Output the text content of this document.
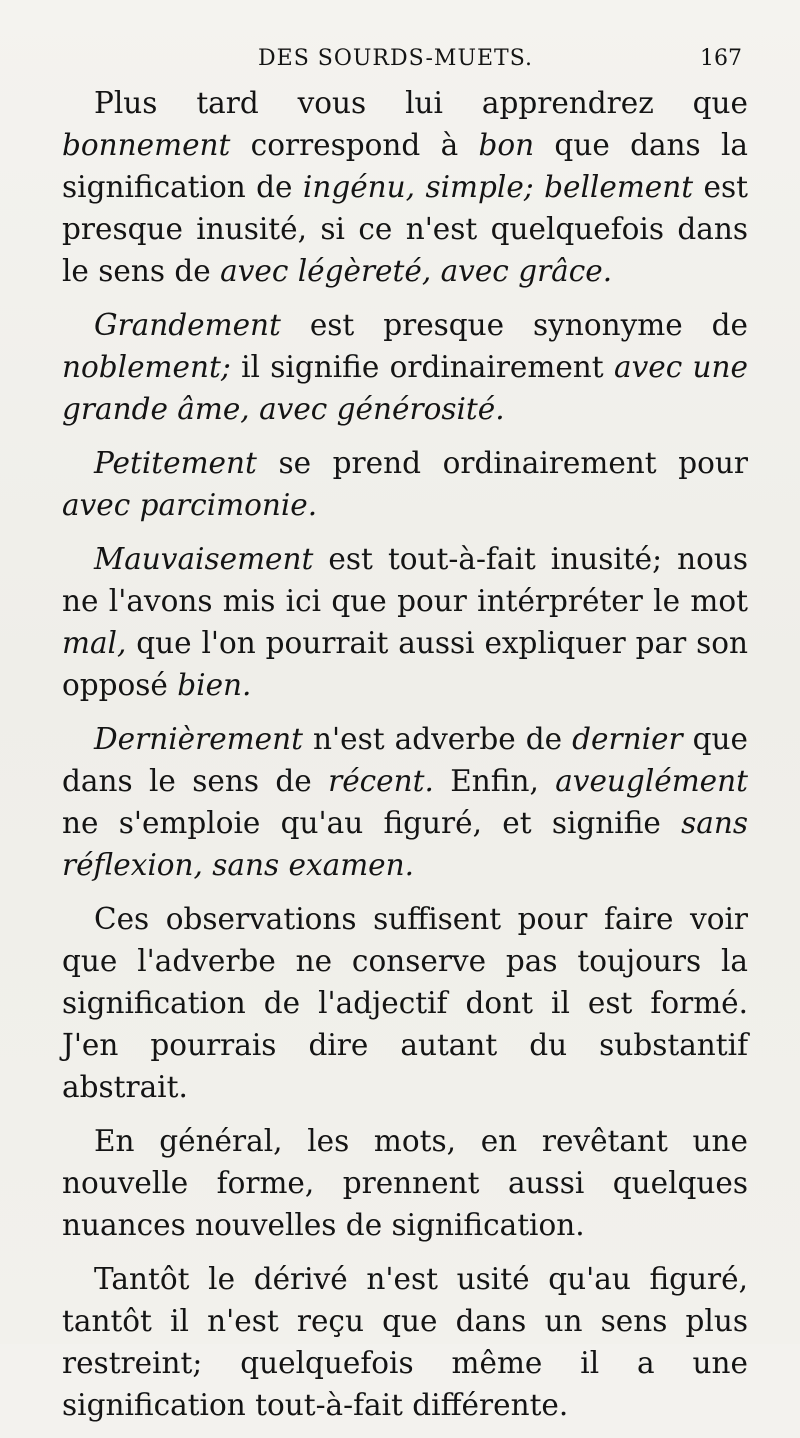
DES SOURDS-MUETS.	167

Plus tard vous lui apprendrez que bonnement correspond à bon que dans la signification de ingénu, simple; bellement est presque inusité, si ce n'est quelquefois dans le sens de avec légèreté, avec grâce.

Grandement est presque synonyme de noblement; il signifie ordinairement avec une grande âme, avec générosité.

Petitement se prend ordinairement pour avec parcimonie.

Mauvaisement est tout-à-fait inusité; nous ne l'avons mis ici que pour intérpréter le mot mal, que l'on pourrait aussi expliquer par son opposé bien.

Dernièrement n'est adverbe de dernier que dans le sens de récent. Enfin, aveuglément ne s'emploie qu'au figuré, et signifie sans réflexion, sans examen.

Ces observations suffisent pour faire voir que l'adverbe ne conserve pas toujours la signification de l'adjectif dont il est formé. J'en pourrais dire autant du substantif abstrait.

En général, les mots, en revêtant une nouvelle forme, prennent aussi quelques nuances nouvelles de signification.

Tantôt le dérivé n'est usité qu'au figuré, tantôt il n'est reçu que dans un sens plus restreint; quelquefois même il a une signification tout-à-fait différente.
